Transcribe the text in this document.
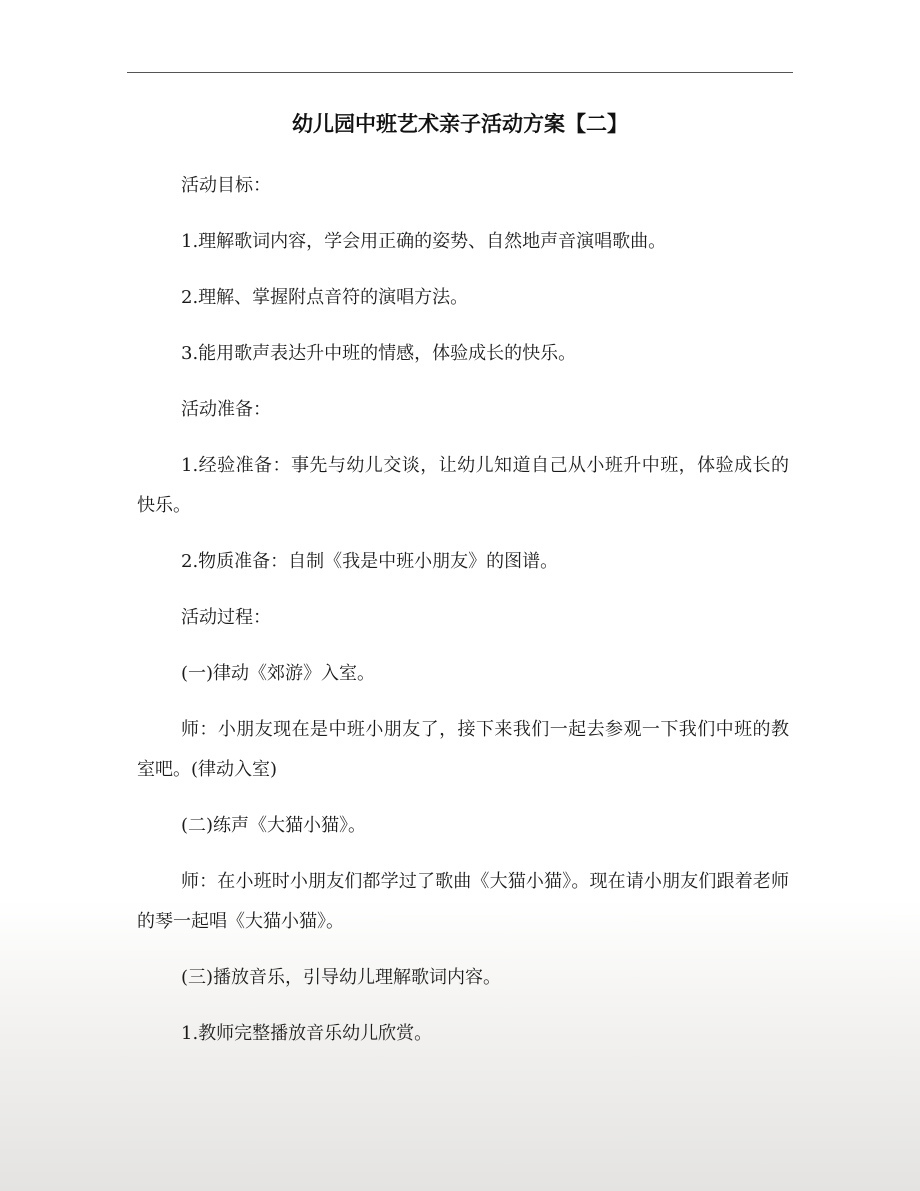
幼儿园中班艺术亲子活动方案【二】

活动目标：

1.理解歌词内容，学会用正确的姿势、自然地声音演唱歌曲。

2.理解、掌握附点音符的演唱方法。

3.能用歌声表达升中班的情感，体验成长的快乐。

活动准备：

1.经验准备：事先与幼儿交谈，让幼儿知道自己从小班升中班，体验成长的快乐。

2.物质准备：自制《我是中班小朋友》的图谱。

活动过程：

(一)律动《郊游》入室。

师：小朋友现在是中班小朋友了，接下来我们一起去参观一下我们中班的教室吧。(律动入室)

(二)练声《大猫小猫》。

师：在小班时小朋友们都学过了歌曲《大猫小猫》。现在请小朋友们跟着老师的琴一起唱《大猫小猫》。

(三)播放音乐，引导幼儿理解歌词内容。

1.教师完整播放音乐幼儿欣赏。
